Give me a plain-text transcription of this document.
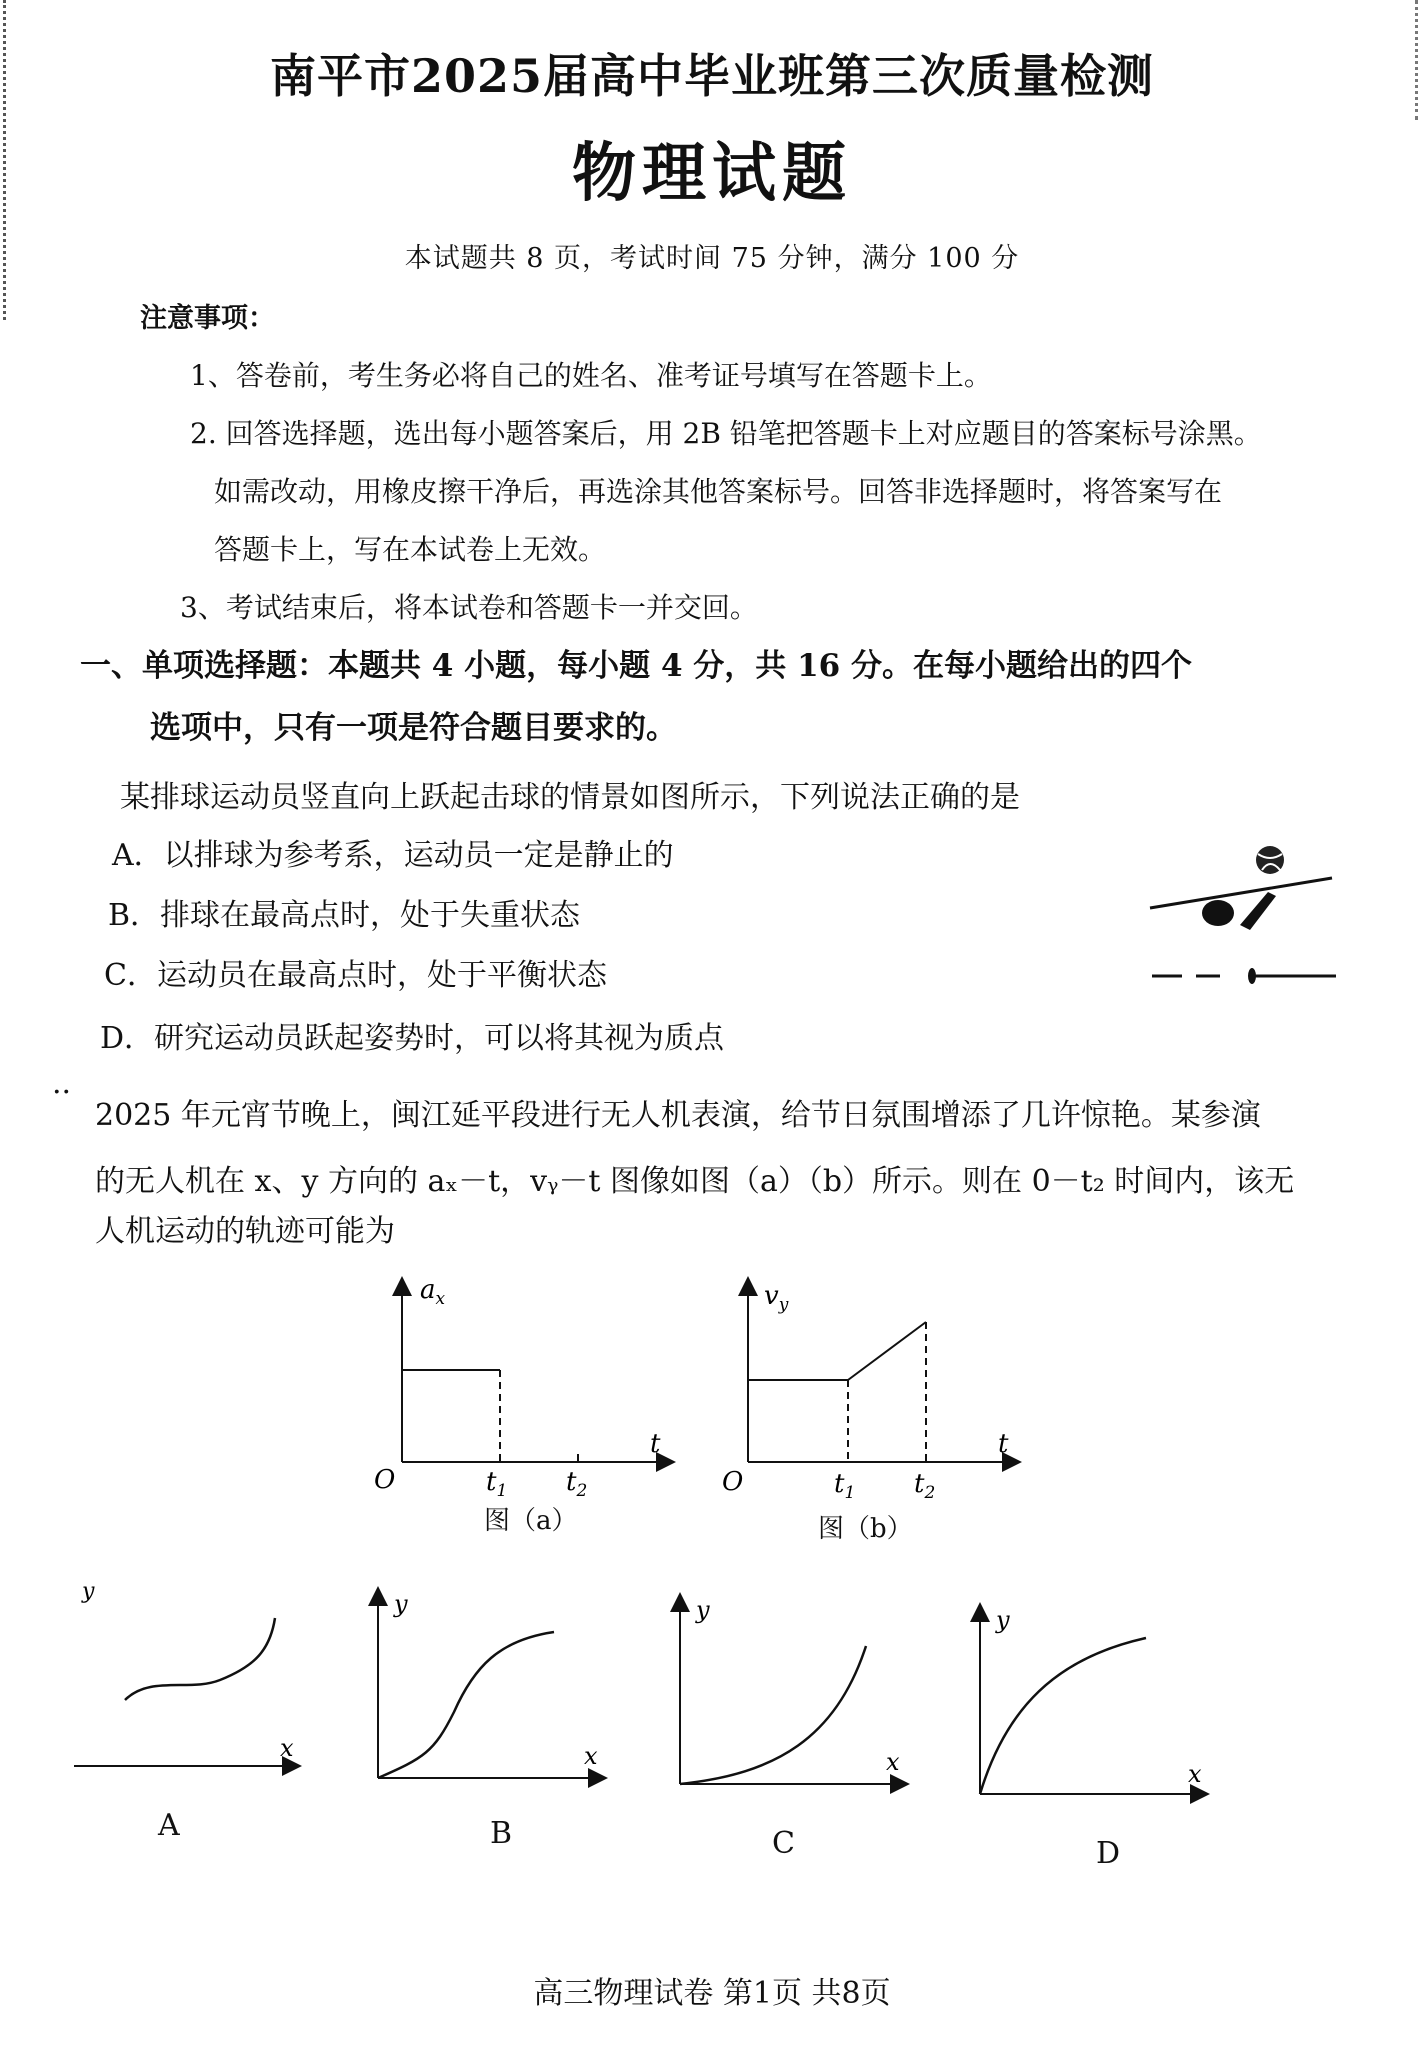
南平市2025届高中毕业班第三次质量检测
物理试题
本试题共 8 页，考试时间 75 分钟，满分 100 分
注意事项：
1、答卷前，考生务必将自己的姓名、准考证号填写在答题卡上。
2. 回答选择题，选出每小题答案后，用 2B 铅笔把答题卡上对应题目的答案标号涂黑。
如需改动，用橡皮擦干净后，再选涂其他答案标号。回答非选择题时，将答案写在
答题卡上，写在本试卷上无效。
3、考试结束后，将本试卷和答题卡一并交回。
一、单项选择题：本题共 4 小题，每小题 4 分，共 16 分。在每小题给出的四个
选项中，只有一项是符合题目要求的。
某排球运动员竖直向上跃起击球的情景如图所示，下列说法正确的是
A．以排球为参考系，运动员一定是静止的
B．排球在最高点时，处于失重状态
C．运动员在最高点时，处于平衡状态
D．研究运动员跃起姿势时，可以将其视为质点
..
2025 年元宵节晚上，闽江延平段进行无人机表演，给节日氛围增添了几许惊艳。某参演
的无人机在 x、y 方向的 aₓ－t，vᵧ－t 图像如图（a）（b）所示。则在 0－t₂ 时间内，该无
人机运动的轨迹可能为
$a_x$
t
O	$t_1$ $t_2$
图（a）
$v_y$
t
O	$t_1$ $t_2$
图（b）
y
x
A
y
x
B
y
x
C
y
x
D
高三物理试卷 第1页 共8页
